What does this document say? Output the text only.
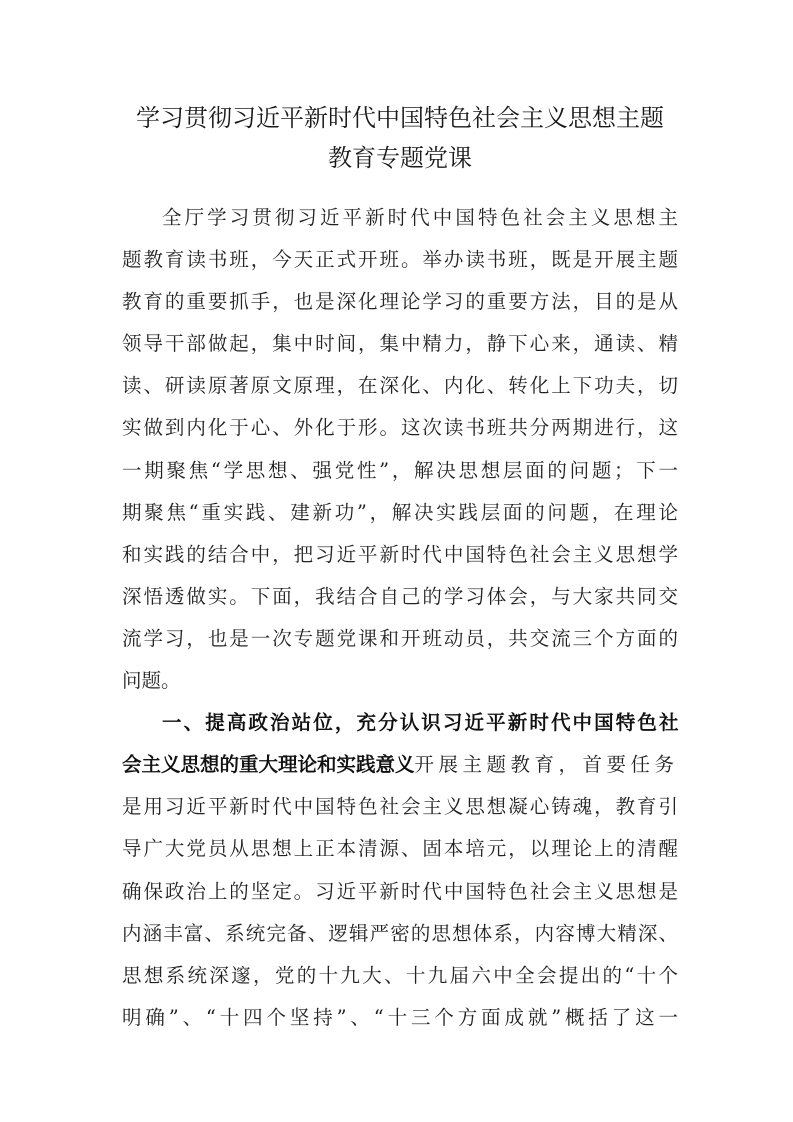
学习贯彻习近平新时代中国特色社会主义思想主题
教育专题党课
全厅学习贯彻习近平新时代中国特色社会主义思想主
题教育读书班，今天正式开班。举办读书班，既是开展主题
教育的重要抓手，也是深化理论学习的重要方法，目的是从
领导干部做起，集中时间，集中精力，静下心来，通读、精
读、研读原著原文原理，在深化、内化、转化上下功夫，切
实做到内化于心、外化于形。这次读书班共分两期进行，这
一期聚焦“学思想、强党性”，解决思想层面的问题；下一
期聚焦“重实践、建新功”，解决实践层面的问题，在理论
和实践的结合中，把习近平新时代中国特色社会主义思想学
深悟透做实。下面，我结合自己的学习体会，与大家共同交
流学习，也是一次专题党课和开班动员，共交流三个方面的
问题。
一、提高政治站位，充分认识习近平新时代中国特色社
会主义思想的重大理论和实践意义开展主题教育，首要任务
是用习近平新时代中国特色社会主义思想凝心铸魂，教育引
导广大党员从思想上正本清源、固本培元，以理论上的清醒
确保政治上的坚定。习近平新时代中国特色社会主义思想是
内涵丰富、系统完备、逻辑严密的思想体系，内容博大精深、
思想系统深邃，党的十九大、十九届六中全会提出的“十个
明确”、“十四个坚持”、“十三个方面成就”概括了这一
